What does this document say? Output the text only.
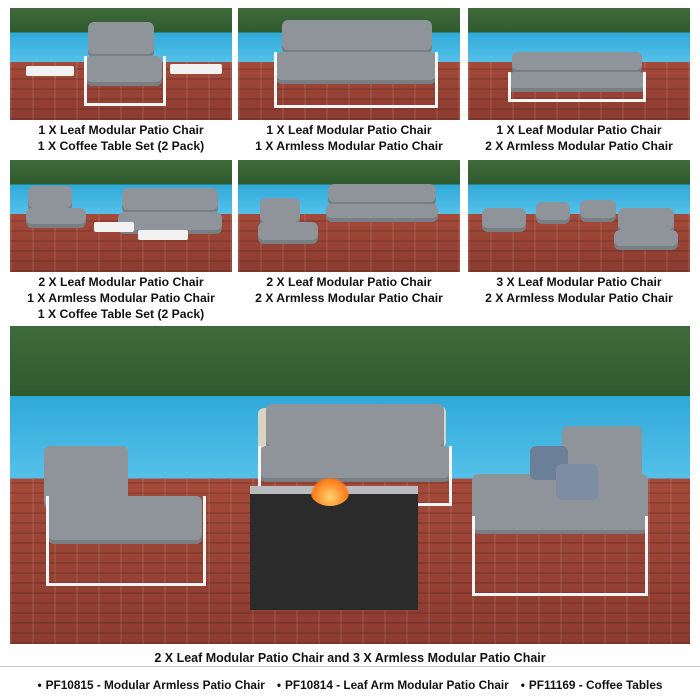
1 X Leaf Modular Patio Chair
1 X Coffee Table Set (2 Pack)
1 X Leaf Modular Patio Chair
1 X Armless Modular Patio Chair
1 X Leaf Modular Patio Chair
2 X Armless Modular Patio Chair
2 X Leaf Modular Patio Chair
1 X Armless Modular Patio Chair
1 X Coffee Table Set (2 Pack)
2 X Leaf Modular Patio Chair
2 X Armless Modular Patio Chair
3 X Leaf Modular Patio Chair
2 X Armless Modular Patio Chair
2 X Leaf Modular Patio Chair and 3 X Armless Modular Patio Chair
• PF10815 - Modular Armless Patio Chair • PF10814 - Leaf Arm Modular Patio Chair • PF11169 - Coffee Tables
